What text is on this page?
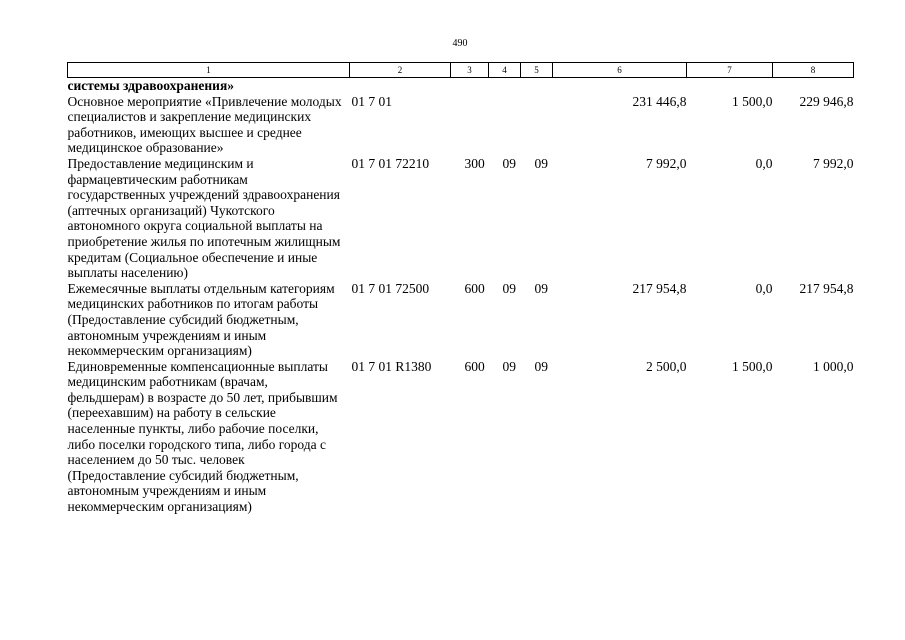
490
1	2	3	4	5	6	7	8
системы здравоохранения»							
Основное мероприятие «Привлечение молодых специалистов и закрепление медицинских работников, имеющих высшее и среднее медицинское образование»	01 7 01				231 446,8	1 500,0	229 946,8
Предоставление медицинским и фармацевтическим работникам государственных учреждений здравоохранения (аптечных организаций) Чукотского автономного округа социальной выплаты на приобретение жилья по ипотечным жилищным кредитам (Социальное обеспечение и иные выплаты населению)	01 7 01 72210	300	09	09	7 992,0	0,0	7 992,0
Ежемесячные выплаты отдельным категориям медицинских работников по итогам работы (Предоставление субсидий бюджетным, автономным учреждениям и иным некоммерческим организациям)	01 7 01 72500	600	09	09	217 954,8	0,0	217 954,8
Единовременные компенсационные выплаты медицинским работникам (врачам, фельдшерам) в возрасте до 50 лет, прибывшим (переехавшим) на работу в сельские населенные пункты, либо рабочие поселки, либо поселки городского типа, либо города с населением до 50 тыс. человек (Предоставление субсидий бюджетным, автономным учреждениям и иным некоммерческим организациям)	01 7 01 R1380	600	09	09	2 500,0	1 500,0	1 000,0
